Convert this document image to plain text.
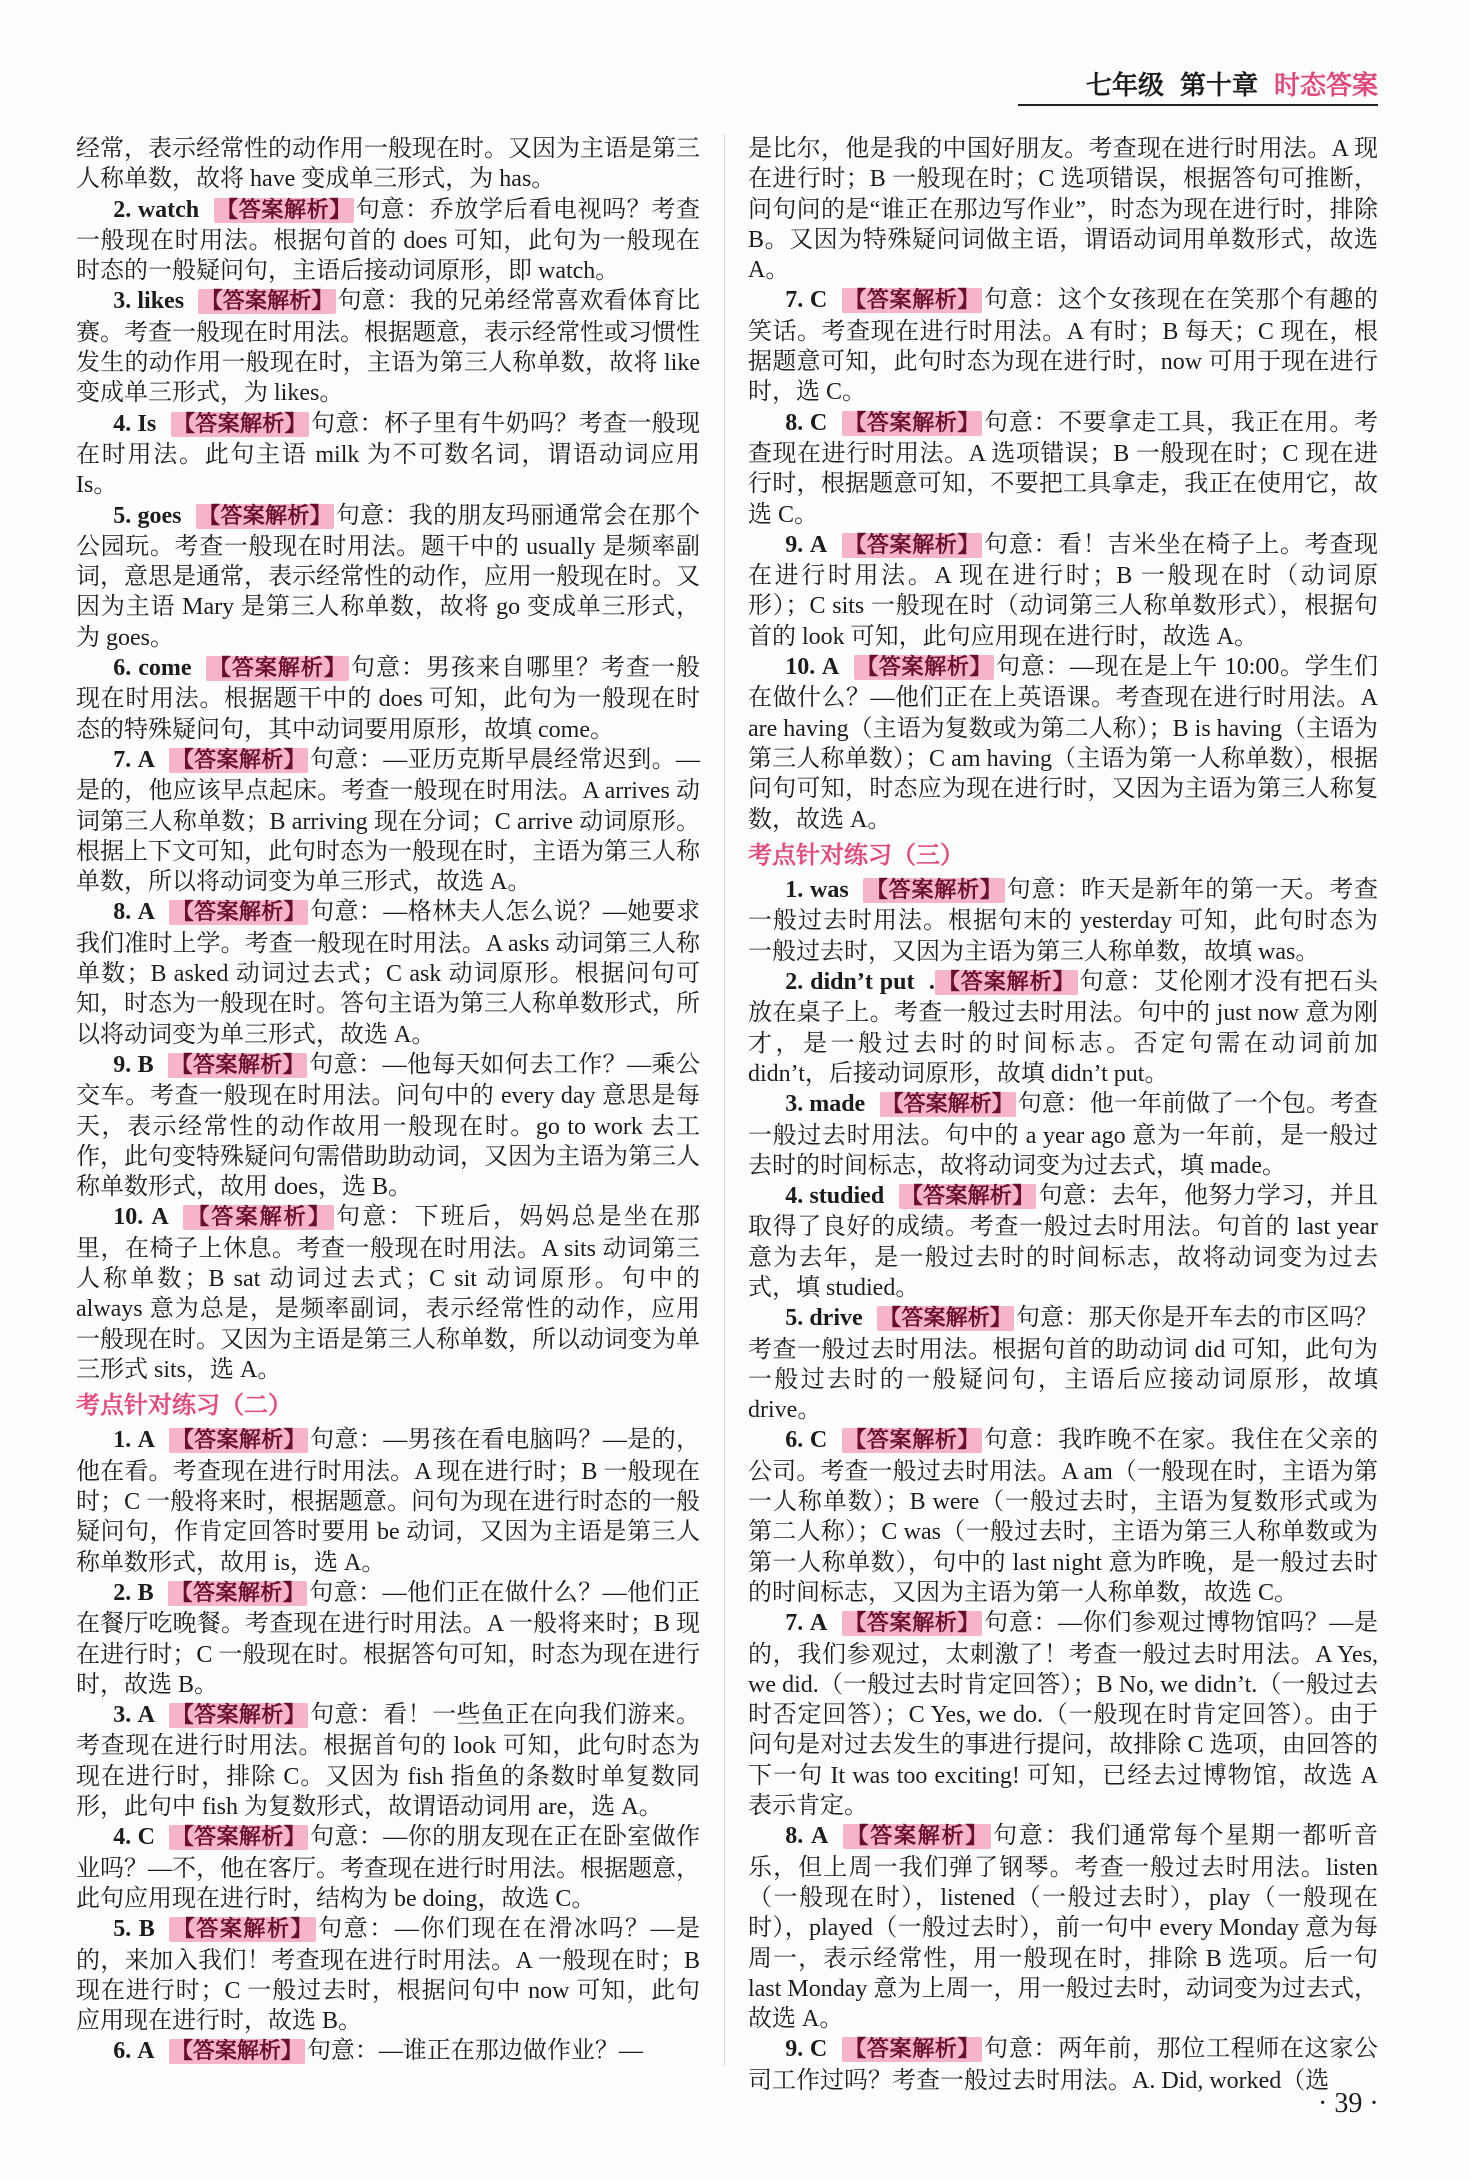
七年级 第十章 时态答案

经常，表示经常性的动作用一般现在时。又因为主语是第三人称单数，故将 have 变成单三形式，为 has。

2. watch 【答案解析】 句意：乔放学后看电视吗？考查一般现在时用法。根据句首的 does 可知，此句为一般现在时态的一般疑问句，主语后接动词原形，即 watch。

3. likes 【答案解析】 句意：我的兄弟经常喜欢看体育比赛。考查一般现在时用法。根据题意，表示经常性或习惯性发生的动作用一般现在时，主语为第三人称单数，故将 like 变成单三形式，为 likes。

4. Is 【答案解析】 句意：杯子里有牛奶吗？考查一般现在时用法。此句主语 milk 为不可数名词，谓语动词应用 Is。

5. goes 【答案解析】 句意：我的朋友玛丽通常会在那个公园玩。考查一般现在时用法。题干中的 usually 是频率副词，意思是通常，表示经常性的动作，应用一般现在时。又因为主语 Mary 是第三人称单数，故将 go 变成单三形式，为 goes。

6. come 【答案解析】 句意：男孩来自哪里？考查一般现在时用法。根据题干中的 does 可知，此句为一般现在时态的特殊疑问句，其中动词要用原形，故填 come。

7. A 【答案解析】 句意：—亚历克斯早晨经常迟到。—是的，他应该早点起床。考查一般现在时用法。A arrives 动词第三人称单数；B arriving 现在分词；C arrive 动词原形。根据上下文可知，此句时态为一般现在时，主语为第三人称单数，所以将动词变为单三形式，故选 A。

8. A 【答案解析】 句意：—格林夫人怎么说？—她要求我们准时上学。考查一般现在时用法。A asks 动词第三人称单数；B asked 动词过去式；C ask 动词原形。根据问句可知，时态为一般现在时。答句主语为第三人称单数形式，所以将动词变为单三形式，故选 A。

9. B 【答案解析】 句意：—他每天如何去工作？—乘公交车。考查一般现在时用法。问句中的 every day 意思是每天，表示经常性的动作故用一般现在时。go to work 去工作，此句变特殊疑问句需借助助动词，又因为主语为第三人称单数形式，故用 does，选 B。

10. A 【答案解析】 句意：下班后，妈妈总是坐在那里，在椅子上休息。考查一般现在时用法。A sits 动词第三人称单数；B sat 动词过去式；C sit 动词原形。句中的 always 意为总是，是频率副词，表示经常性的动作，应用一般现在时。又因为主语是第三人称单数，所以动词变为单三形式 sits，选 A。

考点针对练习（二）

1. A 【答案解析】 句意：—男孩在看电脑吗？—是的，他在看。考查现在进行时用法。A 现在进行时；B 一般现在时；C 一般将来时，根据题意。问句为现在进行时态的一般疑问句，作肯定回答时要用 be 动词，又因为主语是第三人称单数形式，故用 is，选 A。

2. B 【答案解析】 句意：—他们正在做什么？—他们正在餐厅吃晚餐。考查现在进行时用法。A 一般将来时；B 现在进行时；C 一般现在时。根据答句可知，时态为现在进行时，故选 B。

3. A 【答案解析】 句意：看！一些鱼正在向我们游来。考查现在进行时用法。根据首句的 look 可知，此句时态为现在进行时，排除 C。又因为 fish 指鱼的条数时单复数同形，此句中 fish 为复数形式，故谓语动词用 are，选 A。

4. C 【答案解析】 句意：—你的朋友现在正在卧室做作业吗？—不，他在客厅。考查现在进行时用法。根据题意，此句应用现在进行时，结构为 be doing，故选 C。

5. B 【答案解析】 句意：—你们现在在滑冰吗？—是的，来加入我们！考查现在进行时用法。A 一般现在时；B 现在进行时；C 一般过去时，根据问句中 now 可知，此句应用现在进行时，故选 B。

6. A 【答案解析】 句意：—谁正在那边做作业？—

是比尔，他是我的中国好朋友。考查现在进行时用法。A 现在进行时；B 一般现在时；C 选项错误，根据答句可推断，问句问的是“谁正在那边写作业”，时态为现在进行时，排除 B。又因为特殊疑问词做主语，谓语动词用单数形式，故选 A。

7. C 【答案解析】 句意：这个女孩现在在笑那个有趣的笑话。考查现在进行时用法。A 有时；B 每天；C 现在，根据题意可知，此句时态为现在进行时，now 可用于现在进行时，选 C。

8. C 【答案解析】 句意：不要拿走工具，我正在用。考查现在进行时用法。A 选项错误；B 一般现在时；C 现在进行时，根据题意可知，不要把工具拿走，我正在使用它，故选 C。

9. A 【答案解析】 句意：看！吉米坐在椅子上。考查现在进行时用法。A 现在进行时；B 一般现在时（动词原形）；C sits 一般现在时（动词第三人称单数形式），根据句首的 look 可知，此句应用现在进行时，故选 A。

10. A 【答案解析】 句意：—现在是上午 10:00。学生们在做什么？—他们正在上英语课。考查现在进行时用法。A are having（主语为复数或为第二人称）；B is having（主语为第三人称单数）；C am having（主语为第一人称单数），根据问句可知，时态应为现在进行时，又因为主语为第三人称复数，故选 A。

考点针对练习（三）

1. was 【答案解析】 句意：昨天是新年的第一天。考查一般过去时用法。根据句末的 yesterday 可知，此句时态为一般过去时，又因为主语为第三人称单数，故填 was。

2. didn’t put .【答案解析】 句意：艾伦刚才没有把石头放在桌子上。考查一般过去时用法。句中的 just now 意为刚才，是一般过去时的时间标志。否定句需在动词前加 didn’t，后接动词原形，故填 didn’t put。

3. made 【答案解析】 句意：他一年前做了一个包。考查一般过去时用法。句中的 a year ago 意为一年前，是一般过去时的时间标志，故将动词变为过去式，填 made。

4. studied 【答案解析】 句意：去年，他努力学习，并且取得了良好的成绩。考查一般过去时用法。句首的 last year 意为去年，是一般过去时的时间标志，故将动词变为过去式，填 studied。

5. drive 【答案解析】 句意：那天你是开车去的市区吗？考查一般过去时用法。根据句首的助动词 did 可知，此句为一般过去时的一般疑问句，主语后应接动词原形，故填 drive。

6. C 【答案解析】 句意：我昨晚不在家。我住在父亲的公司。考查一般过去时用法。A am（一般现在时，主语为第一人称单数）；B were（一般过去时，主语为复数形式或为第二人称）；C was（一般过去时，主语为第三人称单数或为第一人称单数），句中的 last night 意为昨晚，是一般过去时的时间标志，又因为主语为第一人称单数，故选 C。

7. A 【答案解析】 句意：—你们参观过博物馆吗？—是的，我们参观过，太刺激了！考查一般过去时用法。A Yes, we did.（一般过去时肯定回答）；B No, we didn’t.（一般过去时否定回答）；C Yes, we do.（一般现在时肯定回答）。由于问句是对过去发生的事进行提问，故排除 C 选项，由回答的下一句 It was too exciting! 可知，已经去过博物馆，故选 A 表示肯定。

8. A 【答案解析】 句意：我们通常每个星期一都听音乐，但上周一我们弹了钢琴。考查一般过去时用法。listen（一般现在时），listened（一般过去时），play（一般现在时），played（一般过去时），前一句中 every Monday 意为每周一，表示经常性，用一般现在时，排除 B 选项。后一句 last Monday 意为上周一，用一般过去时，动词变为过去式，故选 A。

9. C 【答案解析】 句意：两年前，那位工程师在这家公司工作过吗？考查一般过去时用法。A. Did, worked（选

· 39 ·
